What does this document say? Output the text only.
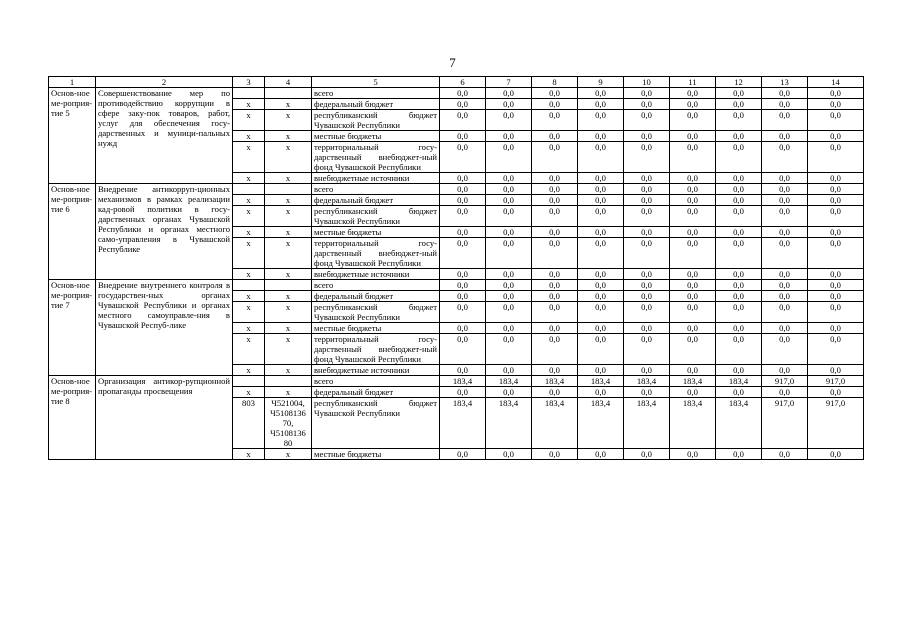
7
1	2	3	4	5	6	7	8	9	10	11	12	13	14
Основ-ное ме-роприя-тие 5	Совершенствование мер по противодействию коррупции в сфере заку-пок товаров, работ, услуг для обеспечения госу-дарственных и муници-пальных нужд			всего	0,0	0,0	0,0	0,0	0,0	0,0	0,0	0,0	0,0
		х	х	федеральный бюджет	0,0	0,0	0,0	0,0	0,0	0,0	0,0	0,0	0,0
		х	х	республиканский бюджет Чувашской Республики	0,0	0,0	0,0	0,0	0,0	0,0	0,0	0,0	0,0
		х	х	местные бюджеты	0,0	0,0	0,0	0,0	0,0	0,0	0,0	0,0	0,0
		х	х	территориальный госу-дарственный внебюджет-ный фонд Чувашской Республики	0,0	0,0	0,0	0,0	0,0	0,0	0,0	0,0	0,0
		х	х	внебюджетные источники	0,0	0,0	0,0	0,0	0,0	0,0	0,0	0,0	0,0
Основ-ное ме-роприя-тие 6	Внедрение антикорруп-ционных механизмов в рамках реализации кад-ровой политики в госу-дарственных органах Чувашской Республики и органах местного само-управления в Чувашской Республике			всего	0,0	0,0	0,0	0,0	0,0	0,0	0,0	0,0	0,0
		х	х	федеральный бюджет	0,0	0,0	0,0	0,0	0,0	0,0	0,0	0,0	0,0
		х	х	республиканский бюджет Чувашской Республики	0,0	0,0	0,0	0,0	0,0	0,0	0,0	0,0	0,0
		х	х	местные бюджеты	0,0	0,0	0,0	0,0	0,0	0,0	0,0	0,0	0,0
		х	х	территориальный госу-дарственный внебюджет-ный фонд Чувашской Республики	0,0	0,0	0,0	0,0	0,0	0,0	0,0	0,0	0,0
		х	х	внебюджетные источники	0,0	0,0	0,0	0,0	0,0	0,0	0,0	0,0	0,0
Основ-ное ме-роприя-тие 7	Внедрение внутреннего контроля в государствен-ных органах Чувашской Республики и органах местного самоуправле-ния в Чувашской Респуб-лике			всего	0,0	0,0	0,0	0,0	0,0	0,0	0,0	0,0	0,0
		х	х	федеральный бюджет	0,0	0,0	0,0	0,0	0,0	0,0	0,0	0,0	0,0
		х	х	республиканский бюджет Чувашской Республики	0,0	0,0	0,0	0,0	0,0	0,0	0,0	0,0	0,0
		х	х	местные бюджеты	0,0	0,0	0,0	0,0	0,0	0,0	0,0	0,0	0,0
		х	х	территориальный госу-дарственный внебюджет-ный фонд Чувашской Республики	0,0	0,0	0,0	0,0	0,0	0,0	0,0	0,0	0,0
		х	х	внебюджетные источники	0,0	0,0	0,0	0,0	0,0	0,0	0,0	0,0	0,0
Основ-ное ме-роприя-тие 8	Организация антикор-рупционной пропаганды просвещения			всего	183,4	183,4	183,4	183,4	183,4	183,4	183,4	917,0	917,0
		х	х	федеральный бюджет	0,0	0,0	0,0	0,0	0,0	0,0	0,0	0,0	0,0
		803	Ч521004, Ч5108136 70, Ч5108136 80	республиканский бюджет Чувашской Республики	183,4	183,4	183,4	183,4	183,4	183,4	183,4	917,0	917,0
		х	х	местные бюджеты	0,0	0,0	0,0	0,0	0,0	0,0	0,0	0,0	0,0
